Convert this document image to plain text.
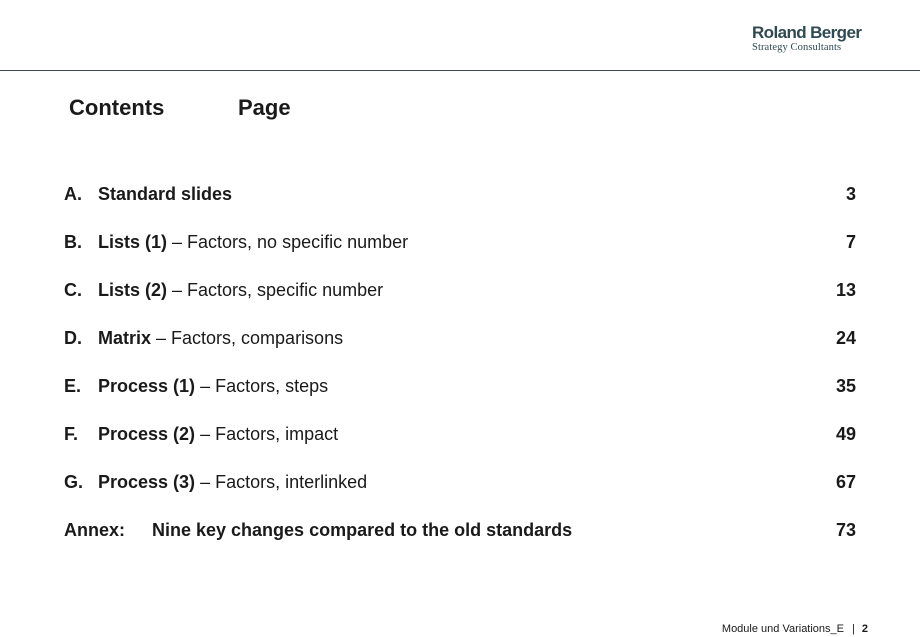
Roland Berger
Strategy Consultants
Contents	Page
A. Standard slides	3
B. Lists (1) – Factors, no specific number	7
C. Lists (2) – Factors, specific number	13
D. Matrix – Factors, comparisons	24
E. Process (1) – Factors, steps	35
F. Process (2) – Factors, impact	49
G. Process (3) – Factors, interlinked	67
Annex: Nine key changes compared to the old standards	73
Module und Variations_E | 2
